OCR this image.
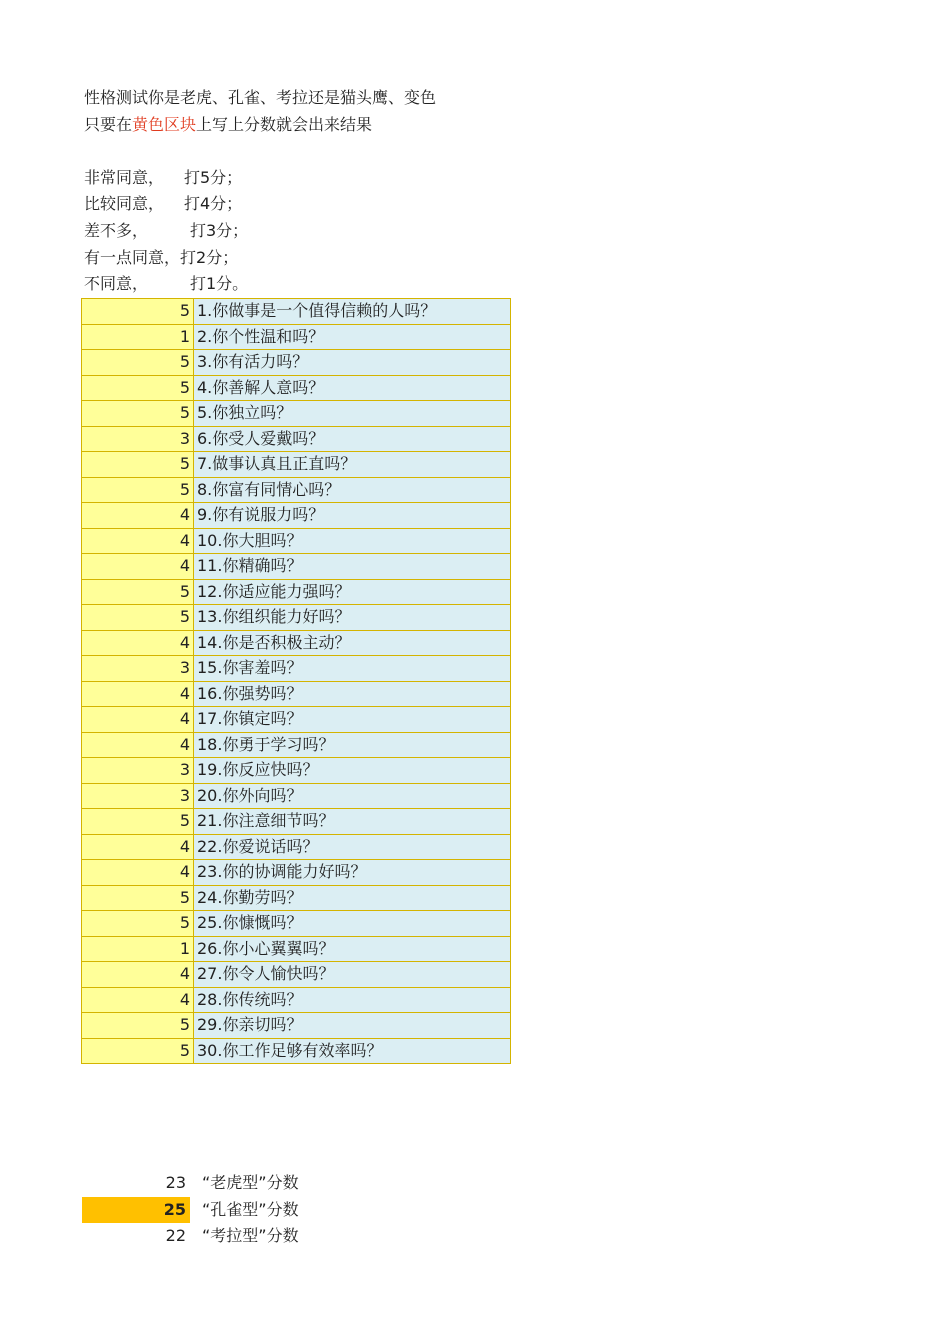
性格测试你是老虎、孔雀、考拉还是猫头鹰、变色
只要在黄色区块上写上分数就会出来结果
非常同意， 打5分；
比较同意， 打4分；
差不多，	打3分；
有一点同意，打2分；
不同意，	打1分。
5	1.你做事是一个值得信赖的人吗？
1	2.你个性温和吗？
5	3.你有活力吗？
5	4.你善解人意吗？
5	5.你独立吗？
3	6.你受人爱戴吗？
5	7.做事认真且正直吗？
5	8.你富有同情心吗？
4	9.你有说服力吗？
4	10.你大胆吗？
4	11.你精确吗？
5	12.你适应能力强吗？
5	13.你组织能力好吗？
4	14.你是否积极主动？
3	15.你害羞吗？
4	16.你强势吗？
4	17.你镇定吗？
4	18.你勇于学习吗？
3	19.你反应快吗？
3	20.你外向吗？
5	21.你注意细节吗？
4	22.你爱说话吗？
4	23.你的协调能力好吗？
5	24.你勤劳吗？
5	25.你慷慨吗？
1	26.你小心翼翼吗？
4	27.你令人愉快吗？
4	28.你传统吗？
5	29.你亲切吗？
5	30.你工作足够有效率吗？
23	“老虎型”分数
25	“孔雀型”分数
22	“考拉型”分数
